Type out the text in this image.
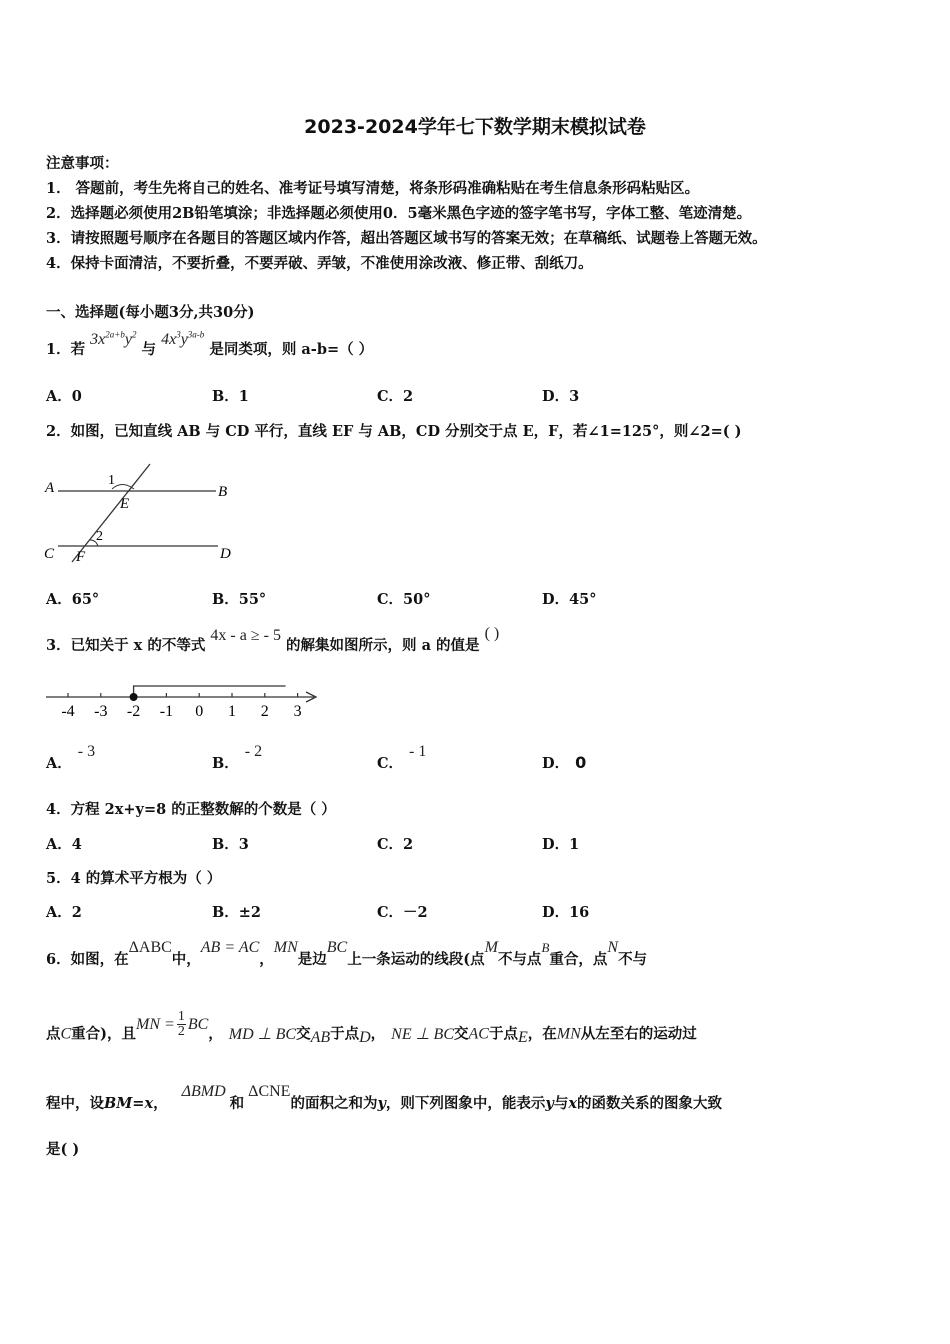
2023-2024学年七下数学期末模拟试卷
注意事项：
1． 答题前，考生先将自己的姓名、准考证号填写清楚，将条形码准确粘贴在考生信息条形码粘贴区。
2．选择题必须使用2B铅笔填涂；非选择题必须使用0．5毫米黑色字迹的签字笔书写，字体工整、笔迹清楚。
3．请按照题号顺序在各题目的答题区域内作答，超出答题区域书写的答案无效；在草稿纸、试题卷上答题无效。
4．保持卡面清洁，不要折叠，不要弄破、弄皱，不准使用涂改液、修正带、刮纸刀。
一、选择题(每小题3分,共30分)
1．若 $3x^{2a+b}y^2$ 与 $4x^3y^{3a-b}$ 是同类项，则 a-b=（ ）
A．0	B．1	C．2	D．3
2．如图，已知直线 AB 与 CD 平行，直线 EF 与 AB，CD 分别交于点 E，F，若∠1=125°，则∠2=( )
A	B
C	D
E
F
1
2
A．65°	B．55°	C．50°	D．45°
3．已知关于 x 的不等式 4x - a ≥ - 5 的解集如图所示，则 a 的值是 ( )
-4 -3 -2 -1 0 1 2 3
A．- 3
B．- 2
C．- 1
D． 0
4．方程 2x+y=8 的正整数解的个数是（ ）
A．4	B．3	C．2	D．1
5．4 的算术平方根为（ ）
A．2	B．±2	C．－2	D．16
6．如图，在ΔABC中，AB = AC，MN是边BC上一条运动的线段(点M不与点B重合，点N不与
点C重合)，且MN = $\frac{1}{2}$ BC， MD ⊥ BC交AB于点D， NE ⊥ BC交AC于点E，在MN从左至右的运动过
程中，设BM=x，ΔBMD和ΔCNE的面积之和为y，则下列图象中，能表示y与x的函数关系的图象大致
是( )
